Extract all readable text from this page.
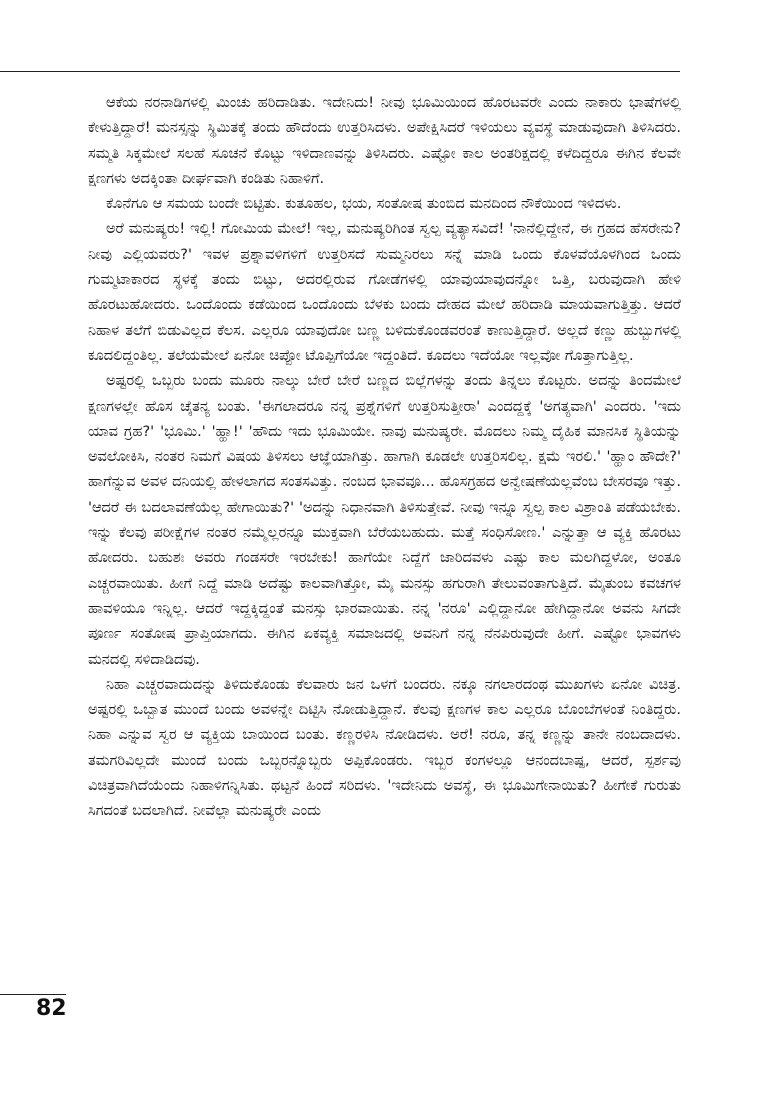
ಆಕೆಯ ನರನಾಡಿಗಳಲ್ಲಿ ಮಿಂಚು ಹರಿದಾಡಿತು. ಇದೇನಿದು! ನೀವು ಭೂಮಿಯಿಂದ ಹೊರಟವರೇ ಎಂದು ನಾಕಾರು ಭಾಷೆಗಳಲ್ಲಿ ಕೇಳುತ್ತಿದ್ದಾರೆ! ಮನಸ್ಸನ್ನು ಸ್ಥಿಮಿತಕ್ಕೆ ತಂದು ಹೌದೆಂದು ಉತ್ತರಿಸಿದಳು. ಅಪೇಕ್ಷಿಸಿದರೆ ಇಳಿಯಲು ವ್ಯವಸ್ಥೆ ಮಾಡುವುದಾಗಿ ತಿಳಿಸಿದರು. ಸಮ್ಮತಿ ಸಿಕ್ಕಮೇಲೆ ಸಲಹೆ ಸೂಚನೆ ಕೊಟ್ಟು ಇಳಿದಾಣವನ್ನು ತಿಳಿಸಿದರು. ಎಷ್ಟೋ ಕಾಲ ಅಂತರಿಕ್ಷದಲ್ಲಿ ಕಳೆದಿದ್ದರೂ ಈಗಿನ ಕೆಲವೇ ಕ್ಷಣಗಳು ಅದಕ್ಕಿಂತಾ ದೀರ್ಘವಾಗಿ ಕಂಡಿತು ನಿಹಾಳಿಗೆ.

ಕೊನೆಗೂ ಆ ಸಮಯ ಬಂದೇ ಬಿಟ್ಟಿತು. ಕುತೂಹಲ, ಭಯ, ಸಂತೋಷ ತುಂಬಿದ ಮನದಿಂದ ನೌಕೆಯಿಂದ ಇಳಿದಳು.

ಅರೆ ಮನುಷ್ಯರು! ಇಲ್ಲಿ! ಗೋಮಿಯ ಮೇಲೆ! ಇಲ್ಲ, ಮನುಷ್ಯರಿಗಿಂತ ಸ್ವಲ್ಪ ವ್ಯತ್ಯಾಸವಿದೆ! 'ನಾನೆಲ್ಲಿದ್ದೇನೆ, ಈ ಗ್ರಹದ ಹೆಸರೇನು? ನೀವು ಎಲ್ಲಿಯವರು?' ಇವಳ ಪ್ರಶ್ನಾವಳಿಗಳಿಗೆ ಉತ್ತರಿಸದೆ ಸುಮ್ಮನಿರಲು ಸನ್ನೆ ಮಾಡಿ ಒಂದು ಕೊಳವೆಯೊಳಗಿಂದ ಒಂದು ಗುಮ್ಮಟಾಕಾರದ ಸ್ಥಳಕ್ಕೆ ತಂದು ಬಿಟ್ಟು, ಅದರಲ್ಲಿರುವ ಗೋಡೆಗಳಲ್ಲಿ ಯಾವುಯಾವುದನ್ನೋ ಒತ್ತಿ, ಬರುವುದಾಗಿ ಹೇಳಿ ಹೊರಟುಹೋದರು. ಒಂದೊಂದು ಕಡೆಯಿಂದ ಒಂದೊಂದು ಬೆಳಕು ಬಂದು ದೇಹದ ಮೇಲೆ ಹರಿದಾಡಿ ಮಾಯವಾಗುತ್ತಿತ್ತು. ಆದರೆ ನಿಹಾಳ ತಲೆಗೆ ಬಿಡುವಿಲ್ಲದ ಕೆಲಸ. ಎಲ್ಲರೂ ಯಾವುದೋ ಬಣ್ಣ ಬಳಿದುಕೊಂಡವರಂತೆ ಕಾಣುತ್ತಿದ್ದಾರೆ. ಅಲ್ಲದೆ ಕಣ್ಣು ಹುಬ್ಬುಗಳಲ್ಲಿ ಕೂದಲಿದ್ದಂತಿಲ್ಲ. ತಲೆಯಮೇಲೆ ಏನೋ ಚಿಪ್ಪೋ ಟೊಪ್ಪಿಗೆಯೋ ಇದ್ದಂತಿದೆ. ಕೂದಲು ಇದೆಯೋ ಇಲ್ಲವೋ ಗೊತ್ತಾಗುತ್ತಿಲ್ಲ.

ಅಷ್ಟರಲ್ಲಿ ಒಬ್ಬರು ಬಂದು ಮೂರು ನಾಲ್ಕು ಬೇರೆ ಬೇರೆ ಬಣ್ಣದ ಬಿಲ್ಲೆಗಳನ್ನು ತಂದು ತಿನ್ನಲು ಕೊಟ್ಟರು. ಅದನ್ನು ತಿಂದಮೇಲೆ ಕ್ಷಣಗಳಲ್ಲೇ ಹೊಸ ಚೈತನ್ಯ ಬಂತು. 'ಈಗಲಾದರೂ ನನ್ನ ಪ್ರಶ್ನೆಗಳಿಗೆ ಉತ್ತರಿಸುತ್ತೀರಾ' ಎಂದದ್ದಕ್ಕೆ 'ಅಗತ್ಯವಾಗಿ' ಎಂದರು. 'ಇದು ಯಾವ ಗ್ರಹ?' 'ಭೂಮಿ.' 'ಹ್ಹಾ!' 'ಹೌದು ಇದು ಭೂಮಿಯೇ. ನಾವು ಮನುಷ್ಯರೇ. ಮೊದಲು ನಿಮ್ಮ ದೈಹಿಕ ಮಾನಸಿಕ ಸ್ಥಿತಿಯನ್ನು ಅವಲೋಕಿಸಿ, ನಂತರ ನಿಮಗೆ ವಿಷಯ ತಿಳಿಸಲು ಆಜ್ಞೆಯಾಗಿತ್ತು. ಹಾಗಾಗಿ ಕೂಡಲೇ ಉತ್ತರಿಸಲಿಲ್ಲ. ಕ್ಷಮೆ ಇರಲಿ.' 'ಹ್ಹಾಂ ಹೌದೇ?' ಹಾಗೆನ್ನುವ ಅವಳ ದನಿಯಲ್ಲಿ ಹೇಳಲಾಗದ ಸಂತಸವಿತ್ತು. ನಂಬದ ಭಾವವೂ... ಹೊಸಗ್ರಹದ ಅನ್ವೇಷಣೆಯಲ್ಲವೆಂಬ ಬೇಸರವೂ ಇತ್ತು. 'ಆದರೆ ಈ ಬದಲಾವಣೆಯೆಲ್ಲ ಹೇಗಾಯಿತು?' 'ಅದನ್ನು ನಿಧಾನವಾಗಿ ತಿಳಿಸುತ್ತೇವೆ. ನೀವು ಇನ್ನೂ ಸ್ವಲ್ಪ ಕಾಲ ವಿಶ್ರಾಂತಿ ಪಡೆಯಬೇಕು. ಇನ್ನು ಕೆಲವು ಪರೀಕ್ಷೆಗಳ ನಂತರ ನಮ್ಮೆಲ್ಲರನ್ನೂ ಮುಕ್ತವಾಗಿ ಬೆರೆಯಬಹುದು. ಮತ್ತೆ ಸಂಧಿಸೋಣ.' ಎನ್ನುತ್ತಾ ಆ ವ್ಯಕ್ತಿ ಹೊರಟು ಹೋದರು. ಬಹುಶಃ ಅವರು ಗಂಡಸರೇ ಇರಬೇಕು! ಹಾಗೆಯೇ ನಿದ್ದೆಗೆ ಜಾರಿದವಳು ಎಷ್ಟು ಕಾಲ ಮಲಗಿದ್ದಳೋ, ಅಂತೂ ಎಚ್ಚರವಾಯಿತು. ಹೀಗೆ ನಿದ್ದೆ ಮಾಡಿ ಅದೆಷ್ಟು ಕಾಲವಾಗಿತ್ತೋ, ಮೈ ಮನಸ್ಸು ಹಗುರಾಗಿ ತೇಲುವಂತಾಗುತ್ತಿದೆ. ಮೈತುಂಬ ಕವಚಗಳ ಹಾವಳಿಯೂ ಇನ್ನಿಲ್ಲ. ಆದರೆ ಇದ್ದಕ್ಕಿದ್ದಂತೆ ಮನಸ್ಸು ಭಾರವಾಯಿತು. ನನ್ನ 'ನರೂ' ಎಲ್ಲಿದ್ದಾನೋ ಹೇಗಿದ್ದಾನೋ ಅವನು ಸಿಗದೇ ಪೂರ್ಣ ಸಂತೋಷ ಪ್ರಾಪ್ತಿಯಾಗದು. ಈಗಿನ ಏಕವ್ಯಕ್ತಿ ಸಮಾಜದಲ್ಲಿ ಅವನಿಗೆ ನನ್ನ ನೆನಪಿರುವುದೇ ಹೀಗೆ. ಎಷ್ಟೋ ಭಾವಗಳು ಮನದಲ್ಲಿ ಸಳಿದಾಡಿದವು.

ನಿಹಾ ಎಚ್ಚರವಾದುದನ್ನು ತಿಳಿದುಕೊಂಡು ಕೆಲವಾರು ಜನ ಒಳಗೆ ಬಂದರು. ನಕ್ಕೂ ನಗಲಾರದಂಥ ಮುಖಗಳು ಏನೋ ವಿಚಿತ್ರ. ಅಷ್ಟರಲ್ಲಿ ಒಬ್ಬಾತ ಮುಂದೆ ಬಂದು ಅವಳನ್ನೇ ದಿಟ್ಟಿಸಿ ನೋಡುತ್ತಿದ್ದಾನೆ. ಕೆಲವು ಕ್ಷಣಗಳ ಕಾಲ ಎಲ್ಲರೂ ಬೊಂಬೆಗಳಂತೆ ನಿಂತಿದ್ದರು. ನಿಹಾ ಎನ್ನುವ ಸ್ವರ ಆ ವ್ಯಕ್ತಿಯ ಬಾಯಿಂದ ಬಂತು. ಕಣ್ಣರಳಿಸಿ ನೋಡಿದಳು. ಅರೆ! ನರೂ, ತನ್ನ ಕಣ್ಣನ್ನು ತಾನೇ ನಂಬದಾದಳು. ತಮಗರಿವಿಲ್ಲದೇ ಮುಂದೆ ಬಂದು ಒಬ್ಬರನ್ನೊಬ್ಬರು ಅಪ್ಪಿಕೊಂಡರು. ಇಬ್ಬರ ಕಂಗಳಲ್ಲೂ ಆನಂದಬಾಷ್ಪ, ಆದರೆ, ಸ್ಪರ್ಶವು ವಿಚಿತ್ರವಾಗಿದೆಯೆಂದು ನಿಹಾಳಿಗನ್ನಿಸಿತು. ಥಟ್ಟನೆ ಹಿಂದೆ ಸರಿದಳು. 'ಇದೇನಿದು ಅವಸ್ಥೆ, ಈ ಭೂಮಿಗೇನಾಯಿತು? ಹೀಗೇಕೆ ಗುರುತು ಸಿಗದಂತೆ ಬದಲಾಗಿದೆ. ನೀವೆಲ್ಲಾ ಮನುಷ್ಯರೇ ಎಂದು

82
